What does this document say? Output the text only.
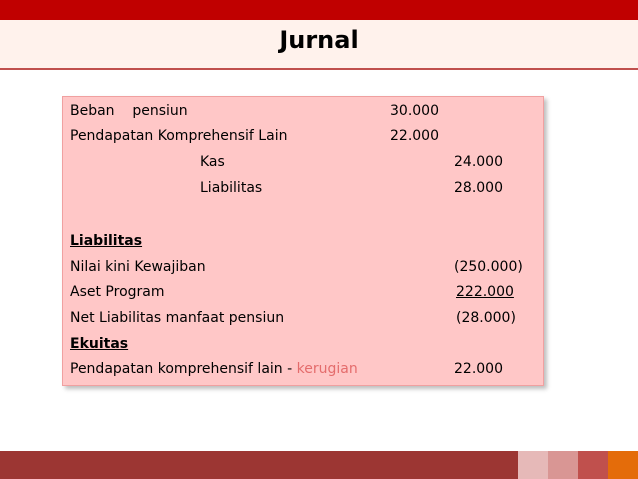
Jurnal
Beban    pensiun	30.000
Pendapatan Komprehensif Lain	22.000
Kas	24.000
Liabilitas	28.000
Liabilitas
Nilai kini Kewajiban	(250.000)
Aset Program	222.000
Net Liabilitas manfaat pensiun	(28.000)
Ekuitas
Pendapatan komprehensif lain - kerugian	22.000
